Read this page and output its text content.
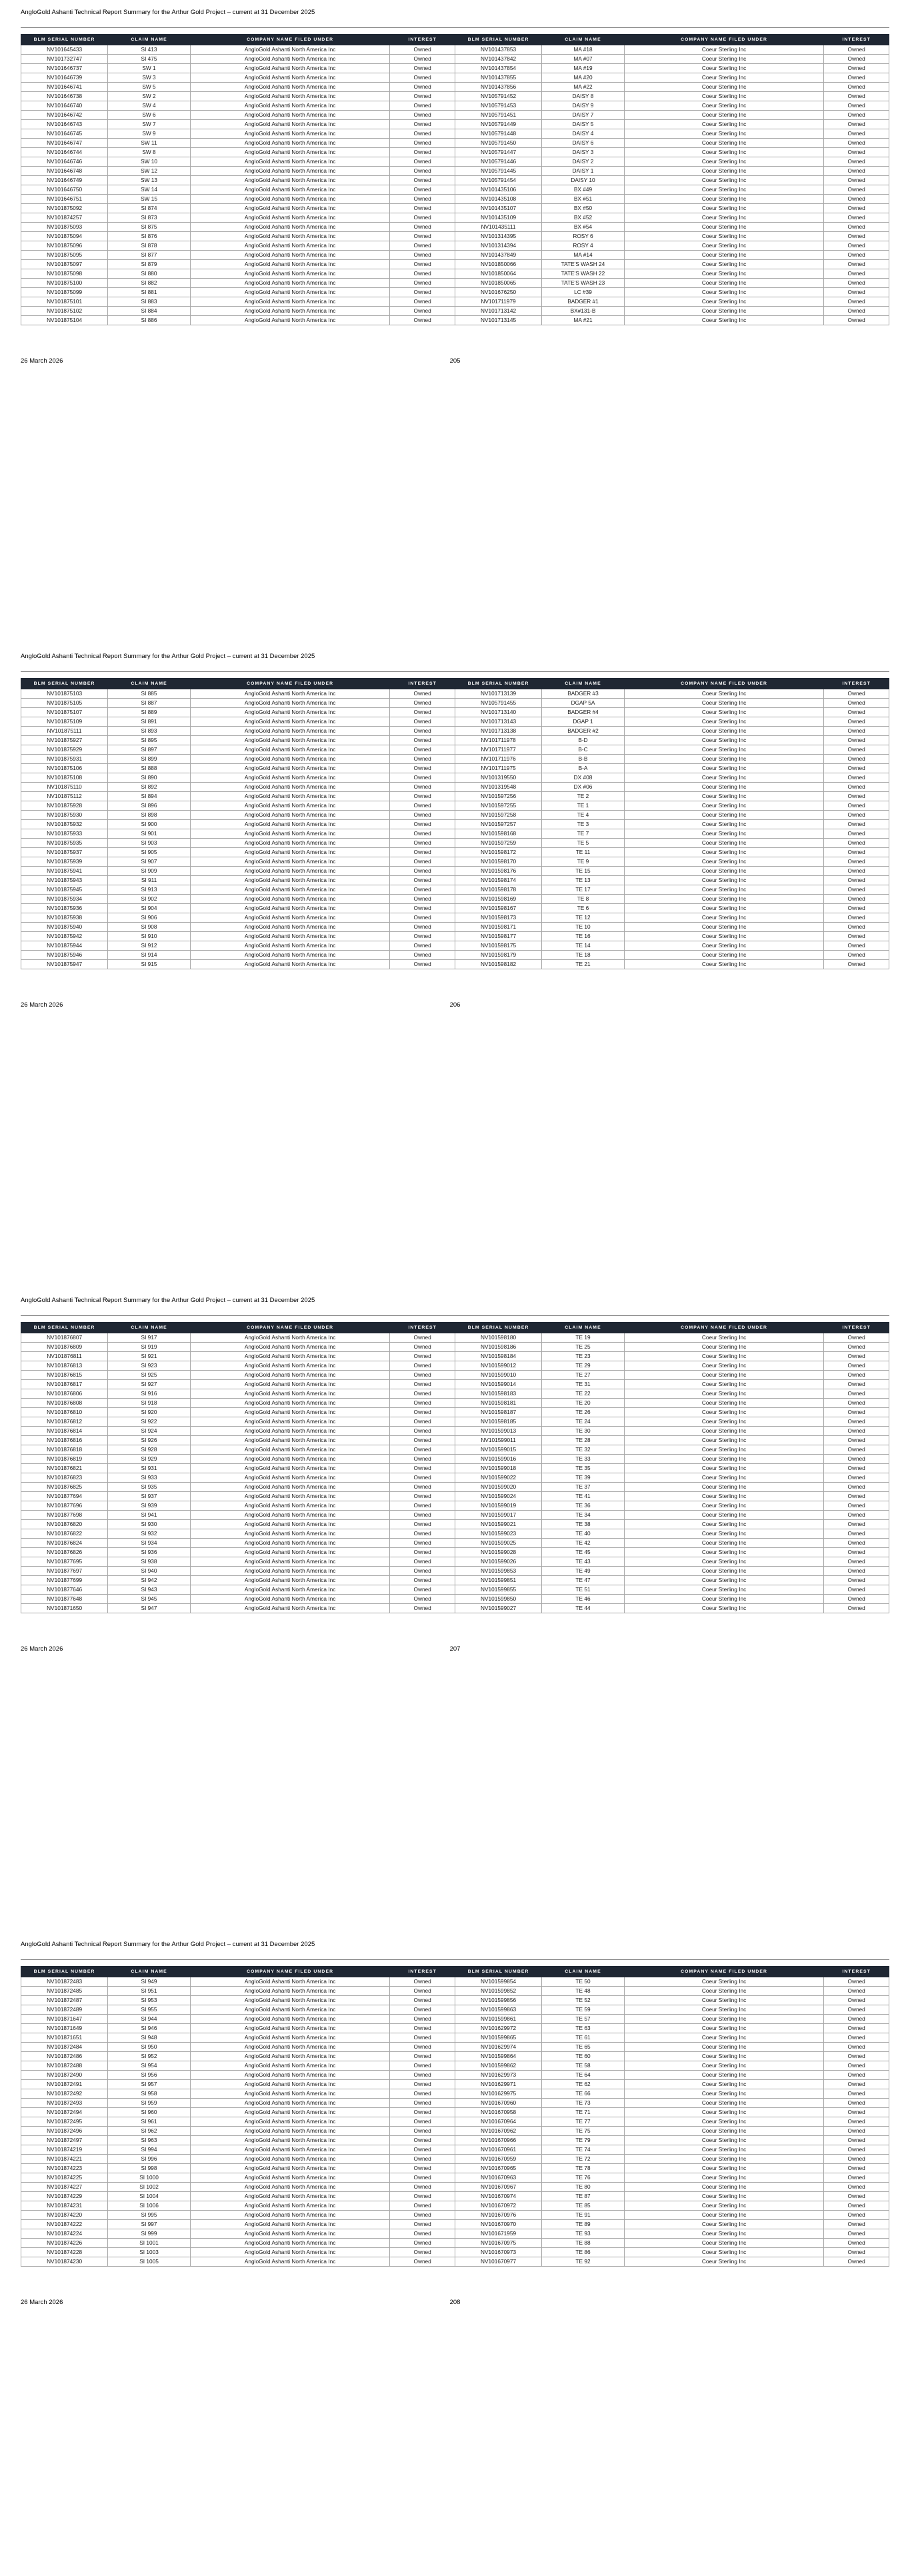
AngloGold Ashanti Technical Report Summary for the Arthur Gold Project – current at 31 December 2025
BLM SERIAL NUMBER	CLAIM NAME	COMPANY NAME FILED UNDER	INTEREST	BLM SERIAL NUMBER	CLAIM NAME	COMPANY NAME FILED UNDER	INTEREST
NV101645433	SI 413	AngloGold Ashanti North America Inc	Owned	NV101437853	MA #18	Coeur Sterling Inc	Owned
NV101732747	SI 475	AngloGold Ashanti North America Inc	Owned	NV101437842	MA #07	Coeur Sterling Inc	Owned
NV101646737	SW 1	AngloGold Ashanti North America Inc	Owned	NV101437854	MA #19	Coeur Sterling Inc	Owned
NV101646739	SW 3	AngloGold Ashanti North America Inc	Owned	NV101437855	MA #20	Coeur Sterling Inc	Owned
NV101646741	SW 5	AngloGold Ashanti North America Inc	Owned	NV101437856	MA #22	Coeur Sterling Inc	Owned
NV101646738	SW 2	AngloGold Ashanti North America Inc	Owned	NV105791452	DAISY 8	Coeur Sterling Inc	Owned
NV101646740	SW 4	AngloGold Ashanti North America Inc	Owned	NV105791453	DAISY 9	Coeur Sterling Inc	Owned
NV101646742	SW 6	AngloGold Ashanti North America Inc	Owned	NV105791451	DAISY 7	Coeur Sterling Inc	Owned
NV101646743	SW 7	AngloGold Ashanti North America Inc	Owned	NV105791449	DAISY 5	Coeur Sterling Inc	Owned
NV101646745	SW 9	AngloGold Ashanti North America Inc	Owned	NV105791448	DAISY 4	Coeur Sterling Inc	Owned
NV101646747	SW 11	AngloGold Ashanti North America Inc	Owned	NV105791450	DAISY 6	Coeur Sterling Inc	Owned
NV101646744	SW 8	AngloGold Ashanti North America Inc	Owned	NV105791447	DAISY 3	Coeur Sterling Inc	Owned
NV101646746	SW 10	AngloGold Ashanti North America Inc	Owned	NV105791446	DAISY 2	Coeur Sterling Inc	Owned
NV101646748	SW 12	AngloGold Ashanti North America Inc	Owned	NV105791445	DAISY 1	Coeur Sterling Inc	Owned
NV101646749	SW 13	AngloGold Ashanti North America Inc	Owned	NV105791454	DAISY 10	Coeur Sterling Inc	Owned
NV101646750	SW 14	AngloGold Ashanti North America Inc	Owned	NV101435106	BX #49	Coeur Sterling Inc	Owned
NV101646751	SW 15	AngloGold Ashanti North America Inc	Owned	NV101435108	BX #51	Coeur Sterling Inc	Owned
NV101875092	SI 874	AngloGold Ashanti North America Inc	Owned	NV101435107	BX #50	Coeur Sterling Inc	Owned
NV101874257	SI 873	AngloGold Ashanti North America Inc	Owned	NV101435109	BX #52	Coeur Sterling Inc	Owned
NV101875093	SI 875	AngloGold Ashanti North America Inc	Owned	NV101435111	BX #54	Coeur Sterling Inc	Owned
NV101875094	SI 876	AngloGold Ashanti North America Inc	Owned	NV101314395	ROSY 6	Coeur Sterling Inc	Owned
NV101875096	SI 878	AngloGold Ashanti North America Inc	Owned	NV101314394	ROSY 4	Coeur Sterling Inc	Owned
NV101875095	SI 877	AngloGold Ashanti North America Inc	Owned	NV101437849	MA #14	Coeur Sterling Inc	Owned
NV101875097	SI 879	AngloGold Ashanti North America Inc	Owned	NV101850066	TATE'S WASH 24	Coeur Sterling Inc	Owned
NV101875098	SI 880	AngloGold Ashanti North America Inc	Owned	NV101850064	TATE'S WASH 22	Coeur Sterling Inc	Owned
NV101875100	SI 882	AngloGold Ashanti North America Inc	Owned	NV101850065	TATE'S WASH 23	Coeur Sterling Inc	Owned
NV101875099	SI 881	AngloGold Ashanti North America Inc	Owned	NV101676250	LC #39	Coeur Sterling Inc	Owned
NV101875101	SI 883	AngloGold Ashanti North America Inc	Owned	NV101711979	BADGER #1	Coeur Sterling Inc	Owned
NV101875102	SI 884	AngloGold Ashanti North America Inc	Owned	NV101713142	BX#131-B	Coeur Sterling Inc	Owned
NV101875104	SI 886	AngloGold Ashanti North America Inc	Owned	NV101713145	MA #21	Coeur Sterling Inc	Owned
26 March 2026	205
AngloGold Ashanti Technical Report Summary for the Arthur Gold Project – current at 31 December 2025
BLM SERIAL NUMBER	CLAIM NAME	COMPANY NAME FILED UNDER	INTEREST	BLM SERIAL NUMBER	CLAIM NAME	COMPANY NAME FILED UNDER	INTEREST
NV101875103	SI 885	AngloGold Ashanti North America Inc	Owned	NV101713139	BADGER #3	Coeur Sterling Inc	Owned
NV101875105	SI 887	AngloGold Ashanti North America Inc	Owned	NV105791455	DGAP 5A	Coeur Sterling Inc	Owned
NV101875107	SI 889	AngloGold Ashanti North America Inc	Owned	NV101713140	BADGER #4	Coeur Sterling Inc	Owned
NV101875109	SI 891	AngloGold Ashanti North America Inc	Owned	NV101713143	DGAP 1	Coeur Sterling Inc	Owned
NV101875111	SI 893	AngloGold Ashanti North America Inc	Owned	NV101713138	BADGER #2	Coeur Sterling Inc	Owned
NV101875927	SI 895	AngloGold Ashanti North America Inc	Owned	NV101711978	B-D	Coeur Sterling Inc	Owned
NV101875929	SI 897	AngloGold Ashanti North America Inc	Owned	NV101711977	B-C	Coeur Sterling Inc	Owned
NV101875931	SI 899	AngloGold Ashanti North America Inc	Owned	NV101711976	B-B	Coeur Sterling Inc	Owned
NV101875106	SI 888	AngloGold Ashanti North America Inc	Owned	NV101711975	B-A	Coeur Sterling Inc	Owned
NV101875108	SI 890	AngloGold Ashanti North America Inc	Owned	NV101319550	DX #08	Coeur Sterling Inc	Owned
NV101875110	SI 892	AngloGold Ashanti North America Inc	Owned	NV101319548	DX #06	Coeur Sterling Inc	Owned
NV101875112	SI 894	AngloGold Ashanti North America Inc	Owned	NV101597256	TE 2	Coeur Sterling Inc	Owned
NV101875928	SI 896	AngloGold Ashanti North America Inc	Owned	NV101597255	TE 1	Coeur Sterling Inc	Owned
NV101875930	SI 898	AngloGold Ashanti North America Inc	Owned	NV101597258	TE 4	Coeur Sterling Inc	Owned
NV101875932	SI 900	AngloGold Ashanti North America Inc	Owned	NV101597257	TE 3	Coeur Sterling Inc	Owned
NV101875933	SI 901	AngloGold Ashanti North America Inc	Owned	NV101598168	TE 7	Coeur Sterling Inc	Owned
NV101875935	SI 903	AngloGold Ashanti North America Inc	Owned	NV101597259	TE 5	Coeur Sterling Inc	Owned
NV101875937	SI 905	AngloGold Ashanti North America Inc	Owned	NV101598172	TE 11	Coeur Sterling Inc	Owned
NV101875939	SI 907	AngloGold Ashanti North America Inc	Owned	NV101598170	TE 9	Coeur Sterling Inc	Owned
NV101875941	SI 909	AngloGold Ashanti North America Inc	Owned	NV101598176	TE 15	Coeur Sterling Inc	Owned
NV101875943	SI 911	AngloGold Ashanti North America Inc	Owned	NV101598174	TE 13	Coeur Sterling Inc	Owned
NV101875945	SI 913	AngloGold Ashanti North America Inc	Owned	NV101598178	TE 17	Coeur Sterling Inc	Owned
NV101875934	SI 902	AngloGold Ashanti North America Inc	Owned	NV101598169	TE 8	Coeur Sterling Inc	Owned
NV101875936	SI 904	AngloGold Ashanti North America Inc	Owned	NV101598167	TE 6	Coeur Sterling Inc	Owned
NV101875938	SI 906	AngloGold Ashanti North America Inc	Owned	NV101598173	TE 12	Coeur Sterling Inc	Owned
NV101875940	SI 908	AngloGold Ashanti North America Inc	Owned	NV101598171	TE 10	Coeur Sterling Inc	Owned
NV101875942	SI 910	AngloGold Ashanti North America Inc	Owned	NV101598177	TE 16	Coeur Sterling Inc	Owned
NV101875944	SI 912	AngloGold Ashanti North America Inc	Owned	NV101598175	TE 14	Coeur Sterling Inc	Owned
NV101875946	SI 914	AngloGold Ashanti North America Inc	Owned	NV101598179	TE 18	Coeur Sterling Inc	Owned
NV101875947	SI 915	AngloGold Ashanti North America Inc	Owned	NV101598182	TE 21	Coeur Sterling Inc	Owned
26 March 2026	206
AngloGold Ashanti Technical Report Summary for the Arthur Gold Project – current at 31 December 2025
BLM SERIAL NUMBER	CLAIM NAME	COMPANY NAME FILED UNDER	INTEREST	BLM SERIAL NUMBER	CLAIM NAME	COMPANY NAME FILED UNDER	INTEREST
NV101876807	SI 917	AngloGold Ashanti North America Inc	Owned	NV101598180	TE 19	Coeur Sterling Inc	Owned
NV101876809	SI 919	AngloGold Ashanti North America Inc	Owned	NV101598186	TE 25	Coeur Sterling Inc	Owned
NV101876811	SI 921	AngloGold Ashanti North America Inc	Owned	NV101598184	TE 23	Coeur Sterling Inc	Owned
NV101876813	SI 923	AngloGold Ashanti North America Inc	Owned	NV101599012	TE 29	Coeur Sterling Inc	Owned
NV101876815	SI 925	AngloGold Ashanti North America Inc	Owned	NV101599010	TE 27	Coeur Sterling Inc	Owned
NV101876817	SI 927	AngloGold Ashanti North America Inc	Owned	NV101599014	TE 31	Coeur Sterling Inc	Owned
NV101876806	SI 916	AngloGold Ashanti North America Inc	Owned	NV101598183	TE 22	Coeur Sterling Inc	Owned
NV101876808	SI 918	AngloGold Ashanti North America Inc	Owned	NV101598181	TE 20	Coeur Sterling Inc	Owned
NV101876810	SI 920	AngloGold Ashanti North America Inc	Owned	NV101598187	TE 26	Coeur Sterling Inc	Owned
NV101876812	SI 922	AngloGold Ashanti North America Inc	Owned	NV101598185	TE 24	Coeur Sterling Inc	Owned
NV101876814	SI 924	AngloGold Ashanti North America Inc	Owned	NV101599013	TE 30	Coeur Sterling Inc	Owned
NV101876816	SI 926	AngloGold Ashanti North America Inc	Owned	NV101599011	TE 28	Coeur Sterling Inc	Owned
NV101876818	SI 928	AngloGold Ashanti North America Inc	Owned	NV101599015	TE 32	Coeur Sterling Inc	Owned
NV101876819	SI 929	AngloGold Ashanti North America Inc	Owned	NV101599016	TE 33	Coeur Sterling Inc	Owned
NV101876821	SI 931	AngloGold Ashanti North America Inc	Owned	NV101599018	TE 35	Coeur Sterling Inc	Owned
NV101876823	SI 933	AngloGold Ashanti North America Inc	Owned	NV101599022	TE 39	Coeur Sterling Inc	Owned
NV101876825	SI 935	AngloGold Ashanti North America Inc	Owned	NV101599020	TE 37	Coeur Sterling Inc	Owned
NV101877694	SI 937	AngloGold Ashanti North America Inc	Owned	NV101599024	TE 41	Coeur Sterling Inc	Owned
NV101877696	SI 939	AngloGold Ashanti North America Inc	Owned	NV101599019	TE 36	Coeur Sterling Inc	Owned
NV101877698	SI 941	AngloGold Ashanti North America Inc	Owned	NV101599017	TE 34	Coeur Sterling Inc	Owned
NV101876820	SI 930	AngloGold Ashanti North America Inc	Owned	NV101599021	TE 38	Coeur Sterling Inc	Owned
NV101876822	SI 932	AngloGold Ashanti North America Inc	Owned	NV101599023	TE 40	Coeur Sterling Inc	Owned
NV101876824	SI 934	AngloGold Ashanti North America Inc	Owned	NV101599025	TE 42	Coeur Sterling Inc	Owned
NV101876826	SI 936	AngloGold Ashanti North America Inc	Owned	NV101599028	TE 45	Coeur Sterling Inc	Owned
NV101877695	SI 938	AngloGold Ashanti North America Inc	Owned	NV101599026	TE 43	Coeur Sterling Inc	Owned
NV101877697	SI 940	AngloGold Ashanti North America Inc	Owned	NV101599853	TE 49	Coeur Sterling Inc	Owned
NV101877699	SI 942	AngloGold Ashanti North America Inc	Owned	NV101599851	TE 47	Coeur Sterling Inc	Owned
NV101877646	SI 943	AngloGold Ashanti North America Inc	Owned	NV101599855	TE 51	Coeur Sterling Inc	Owned
NV101877648	SI 945	AngloGold Ashanti North America Inc	Owned	NV101599850	TE 46	Coeur Sterling Inc	Owned
NV101871650	SI 947	AngloGold Ashanti North America Inc	Owned	NV101599027	TE 44	Coeur Sterling Inc	Owned
26 March 2026	207
AngloGold Ashanti Technical Report Summary for the Arthur Gold Project – current at 31 December 2025
BLM SERIAL NUMBER	CLAIM NAME	COMPANY NAME FILED UNDER	INTEREST	BLM SERIAL NUMBER	CLAIM NAME	COMPANY NAME FILED UNDER	INTEREST
NV101872483	SI 949	AngloGold Ashanti North America Inc	Owned	NV101599854	TE 50	Coeur Sterling Inc	Owned
NV101872485	SI 951	AngloGold Ashanti North America Inc	Owned	NV101599852	TE 48	Coeur Sterling Inc	Owned
NV101872487	SI 953	AngloGold Ashanti North America Inc	Owned	NV101599856	TE 52	Coeur Sterling Inc	Owned
NV101872489	SI 955	AngloGold Ashanti North America Inc	Owned	NV101599863	TE 59	Coeur Sterling Inc	Owned
NV101871647	SI 944	AngloGold Ashanti North America Inc	Owned	NV101599861	TE 57	Coeur Sterling Inc	Owned
NV101871649	SI 946	AngloGold Ashanti North America Inc	Owned	NV101629972	TE 63	Coeur Sterling Inc	Owned
NV101871651	SI 948	AngloGold Ashanti North America Inc	Owned	NV101599865	TE 61	Coeur Sterling Inc	Owned
NV101872484	SI 950	AngloGold Ashanti North America Inc	Owned	NV101629974	TE 65	Coeur Sterling Inc	Owned
NV101872486	SI 952	AngloGold Ashanti North America Inc	Owned	NV101599864	TE 60	Coeur Sterling Inc	Owned
NV101872488	SI 954	AngloGold Ashanti North America Inc	Owned	NV101599862	TE 58	Coeur Sterling Inc	Owned
NV101872490	SI 956	AngloGold Ashanti North America Inc	Owned	NV101629973	TE 64	Coeur Sterling Inc	Owned
NV101872491	SI 957	AngloGold Ashanti North America Inc	Owned	NV101629971	TE 62	Coeur Sterling Inc	Owned
NV101872492	SI 958	AngloGold Ashanti North America Inc	Owned	NV101629975	TE 66	Coeur Sterling Inc	Owned
NV101872493	SI 959	AngloGold Ashanti North America Inc	Owned	NV101670960	TE 73	Coeur Sterling Inc	Owned
NV101872494	SI 960	AngloGold Ashanti North America Inc	Owned	NV101670958	TE 71	Coeur Sterling Inc	Owned
NV101872495	SI 961	AngloGold Ashanti North America Inc	Owned	NV101670964	TE 77	Coeur Sterling Inc	Owned
NV101872496	SI 962	AngloGold Ashanti North America Inc	Owned	NV101670962	TE 75	Coeur Sterling Inc	Owned
NV101872497	SI 963	AngloGold Ashanti North America Inc	Owned	NV101670966	TE 79	Coeur Sterling Inc	Owned
NV101874219	SI 994	AngloGold Ashanti North America Inc	Owned	NV101670961	TE 74	Coeur Sterling Inc	Owned
NV101874221	SI 996	AngloGold Ashanti North America Inc	Owned	NV101670959	TE 72	Coeur Sterling Inc	Owned
NV101874223	SI 998	AngloGold Ashanti North America Inc	Owned	NV101670965	TE 78	Coeur Sterling Inc	Owned
NV101874225	SI 1000	AngloGold Ashanti North America Inc	Owned	NV101670963	TE 76	Coeur Sterling Inc	Owned
NV101874227	SI 1002	AngloGold Ashanti North America Inc	Owned	NV101670967	TE 80	Coeur Sterling Inc	Owned
NV101874229	SI 1004	AngloGold Ashanti North America Inc	Owned	NV101670974	TE 87	Coeur Sterling Inc	Owned
NV101874231	SI 1006	AngloGold Ashanti North America Inc	Owned	NV101670972	TE 85	Coeur Sterling Inc	Owned
NV101874220	SI 995	AngloGold Ashanti North America Inc	Owned	NV101670976	TE 91	Coeur Sterling Inc	Owned
NV101874222	SI 997	AngloGold Ashanti North America Inc	Owned	NV101670970	TE 89	Coeur Sterling Inc	Owned
NV101874224	SI 999	AngloGold Ashanti North America Inc	Owned	NV101671959	TE 93	Coeur Sterling Inc	Owned
NV101874226	SI 1001	AngloGold Ashanti North America Inc	Owned	NV101670975	TE 88	Coeur Sterling Inc	Owned
NV101874228	SI 1003	AngloGold Ashanti North America Inc	Owned	NV101670973	TE 86	Coeur Sterling Inc	Owned
NV101874230	SI 1005	AngloGold Ashanti North America Inc	Owned	NV101670977	TE 92	Coeur Sterling Inc	Owned
26 March 2026	208
